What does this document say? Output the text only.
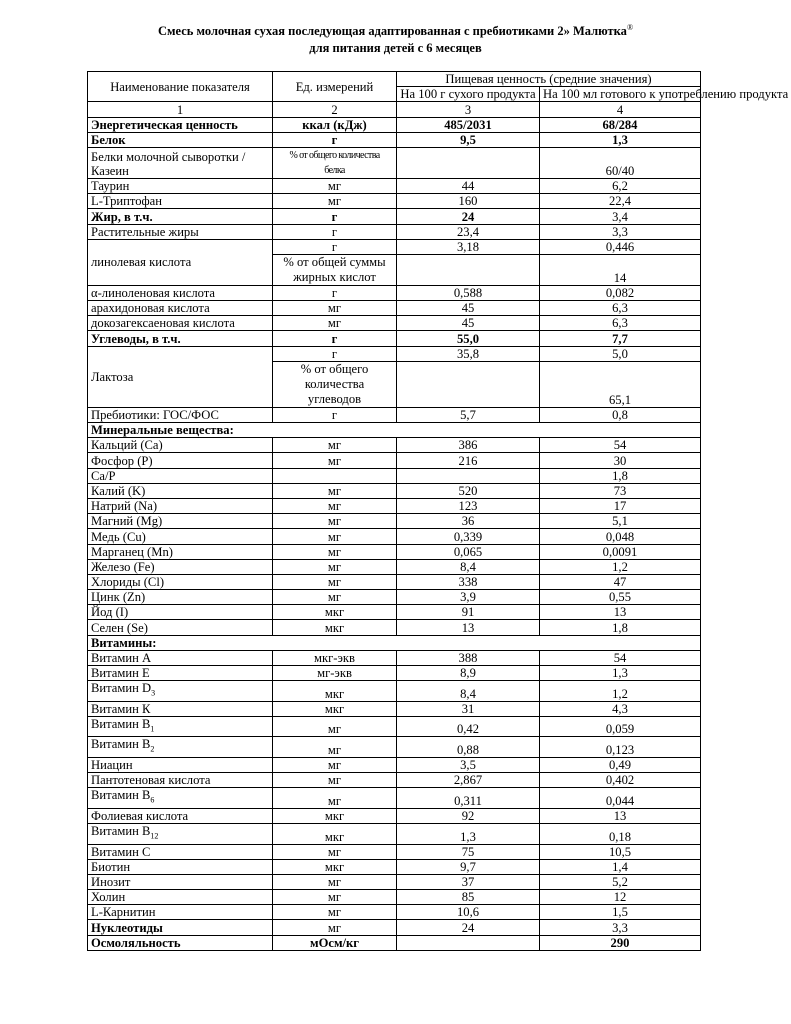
Смесь молочная сухая последующая адаптированная с пребиотиками 2» Малютка®
для питания детей с 6 месяцев
Наименование показателя	Ед. измерений	Пищевая ценность (средние значения)	
		На 100 г сухого продукта	На 100 мл готового к употреблению продукта
1	2	3	4
Энергетическая ценность	ккал (кДж)	485/2031	68/284
Белок	г	9,5	1,3
Белки молочной сыворотки /
Казеин	% от общего количества
белка		60/40
Таурин	мг	44	6,2
L-Триптофан	мг	160	22,4
Жир, в т.ч.	г	24	3,4
Растительные жиры	г	23,4	3,3
линолевая кислота	г	3,18	0,446
	% от общей суммы
жирных кислот		14
α-линоленовая кислота	г	0,588	0,082
арахидоновая кислота	мг	45	6,3
докозагексаеновая кислота	мг	45	6,3
Углеводы, в т.ч.	г	55,0	7,7
Лактоза	г	35,8	5,0
	% от общего
количества
углеводов		65,1
Пребиотики: ГОС/ФОС	г	5,7	0,8
Минеральные вещества:			
Кальций (Ca)	мг	386	54
Фосфор (P)	мг	216	30
Ca/P			1,8
Калий (K)	мг	520	73
Натрий (Na)	мг	123	17
Магний (Mg)	мг	36	5,1
Медь (Cu)	мг	0,339	0,048
Марганец (Mn)	мг	0,065	0,0091
Железо (Fe)	мг	8,4	1,2
Хлориды (Cl)	мг	338	47
Цинк (Zn)	мг	3,9	0,55
Йод (I)	мкг	91	13
Селен (Se)	мкг	13	1,8
Витамины:			
Витамин A	мкг-экв	388	54
Витамин E	мг-экв	8,9	1,3
Витамин $D_3$	мкг	8,4	1,2
Витамин К	мкг	31	4,3
Витамин $B_1$	мг	0,42	0,059
Витамин $B_2$	мг	0,88	0,123
Ниацин	мг	3,5	0,49
Пантотеновая кислота	мг	2,867	0,402
Витамин $B_6$	мг	0,311	0,044
Фолиевая кислота	мкг	92	13
Витамин $B_{12}$	мкг	1,3	0,18
Витамин C	мг	75	10,5
Биотин	мкг	9,7	1,4
Инозит	мг	37	5,2
Холин	мг	85	12
L-Карнитин	мг	10,6	1,5
Нуклеотиды	мг	24	3,3
Осмоляльность	мОсм/кг		290
